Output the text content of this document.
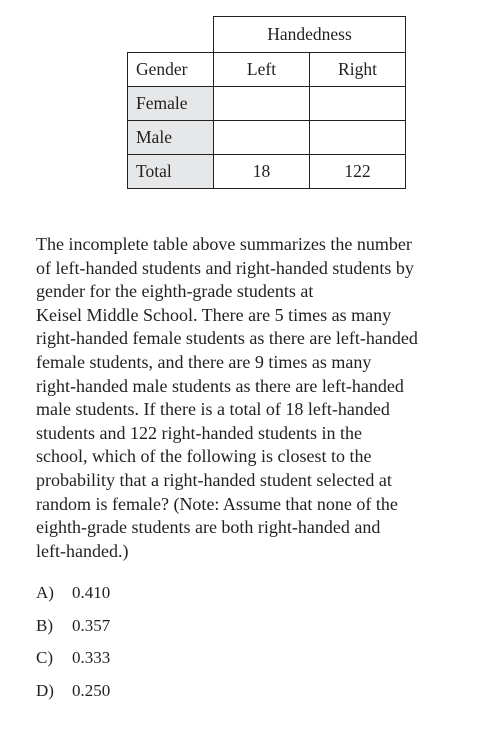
	Handedness	
Gender	Left	Right
Female		
Male		
Total	18	122

The incomplete table above summarizes the number

of left-handed students and right-handed students by

gender for the eighth-grade students at

Keisel Middle School. There are 5 times as many

right-handed female students as there are left-handed

female students, and there are 9 times as many

right-handed male students as there are left-handed

male students. If there is a total of 18 left-handed

students and 122 right-handed students in the

school, which of the following is closest to the

probability that a right-handed student selected at

random is female? (Note: Assume that none of the

eighth-grade students are both right-handed and

left-handed.)

A) 0.410
B) 0.357
C) 0.333
D) 0.250
